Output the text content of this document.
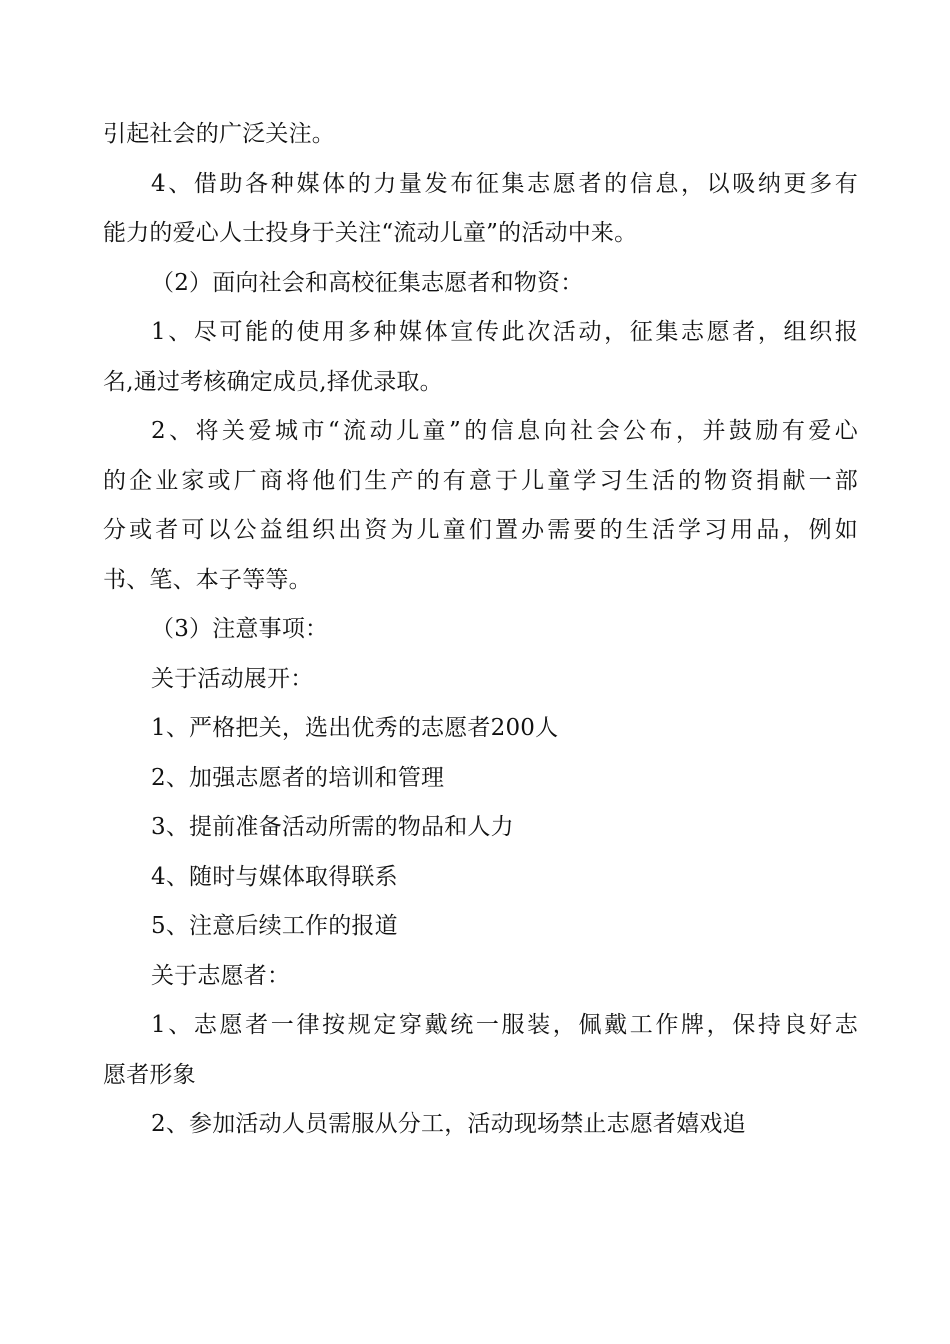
引起社会的广泛关注。
4、借助各种媒体的力量发布征集志愿者的信息，以吸纳更多有
能力的爱心人士投身于关注“流动儿童”的活动中来。
（2）面向社会和高校征集志愿者和物资：
1、尽可能的使用多种媒体宣传此次活动，征集志愿者，组织报
名,通过考核确定成员,择优录取。
2、将关爱城市“流动儿童”的信息向社会公布，并鼓励有爱心
的企业家或厂商将他们生产的有意于儿童学习生活的物资捐献一部
分或者可以公益组织出资为儿童们置办需要的生活学习用品，例如
书、笔、本子等等。
（3）注意事项：
关于活动展开：
1、严格把关，选出优秀的志愿者200人
2、加强志愿者的培训和管理
3、提前准备活动所需的物品和人力
4、随时与媒体取得联系
5、注意后续工作的报道
关于志愿者：
1、志愿者一律按规定穿戴统一服装，佩戴工作牌，保持良好志
愿者形象
2、参加活动人员需服从分工，活动现场禁止志愿者嬉戏追
